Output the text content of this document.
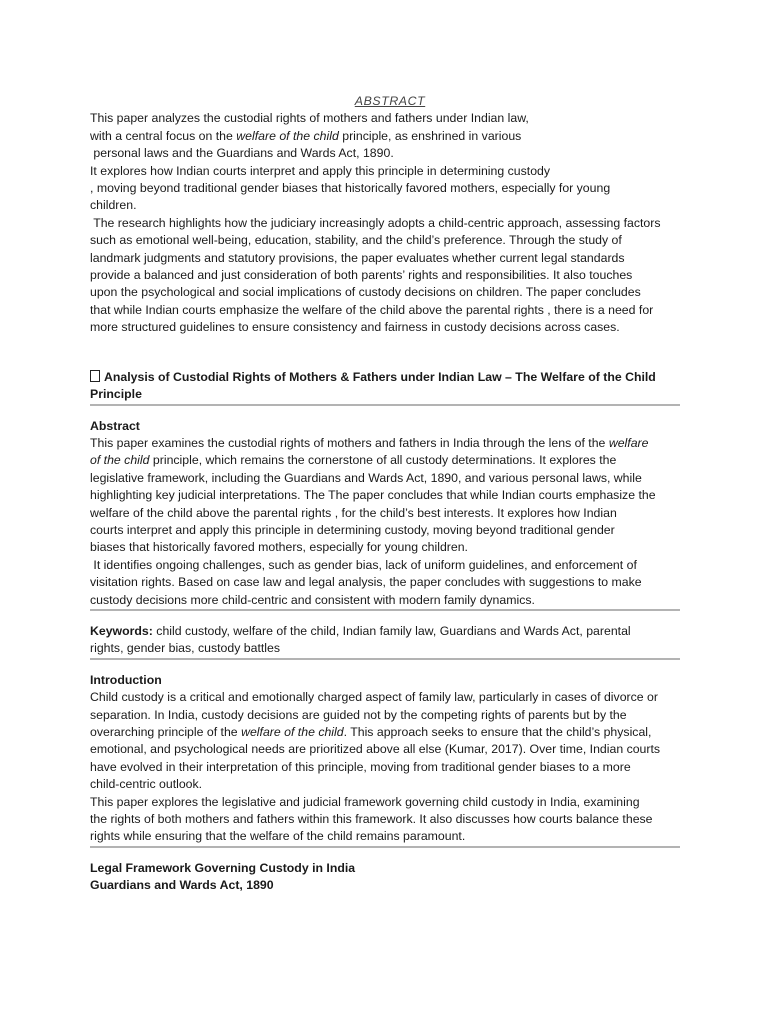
ABSTRACT

This paper analyzes the custodial rights of mothers and fathers under Indian law,
with a central focus on the welfare of the child principle, as enshrined in various
personal laws and the Guardians and Wards Act, 1890.
It explores how Indian courts interpret and apply this principle in determining custody
, moving beyond traditional gender biases that historically favored mothers, especially for young
children.
The research highlights how the judiciary increasingly adopts a child-centric approach, assessing factors
such as emotional well-being, education, stability, and the child’s preference. Through the study of
landmark judgments and statutory provisions, the paper evaluates whether current legal standards
provide a balanced and just consideration of both parents’ rights and responsibilities. It also touches
upon the psychological and social implications of custody decisions on children. The paper concludes
that while Indian courts emphasize the welfare of the child above the parental rights , there is a need for
more structured guidelines to ensure consistency and fairness in custody decisions across cases.
Analysis of Custodial Rights of Mothers & Fathers under Indian Law – The Welfare of the Child
Principle
Abstract
This paper examines the custodial rights of mothers and fathers in India through the lens of the welfare
of the child principle, which remains the cornerstone of all custody determinations. It explores the
legislative framework, including the Guardians and Wards Act, 1890, and various personal laws, while
highlighting key judicial interpretations. The The paper concludes that while Indian courts emphasize the
welfare of the child above the parental rights , for the child’s best interests. It explores how Indian
courts interpret and apply this principle in determining custody, moving beyond traditional gender
biases that historically favored mothers, especially for young children.
It identifies ongoing challenges, such as gender bias, lack of uniform guidelines, and enforcement of
visitation rights. Based on case law and legal analysis, the paper concludes with suggestions to make
custody decisions more child-centric and consistent with modern family dynamics.
Keywords: child custody, welfare of the child, Indian family law, Guardians and Wards Act, parental
rights, gender bias, custody battles
Introduction
Child custody is a critical and emotionally charged aspect of family law, particularly in cases of divorce or
separation. In India, custody decisions are guided not by the competing rights of parents but by the
overarching principle of the welfare of the child. This approach seeks to ensure that the child’s physical,
emotional, and psychological needs are prioritized above all else (Kumar, 2017). Over time, Indian courts
have evolved in their interpretation of this principle, moving from traditional gender biases to a more
child-centric outlook.
This paper explores the legislative and judicial framework governing child custody in India, examining
the rights of both mothers and fathers within this framework. It also discusses how courts balance these
rights while ensuring that the welfare of the child remains paramount.
Legal Framework Governing Custody in India
Guardians and Wards Act, 1890
